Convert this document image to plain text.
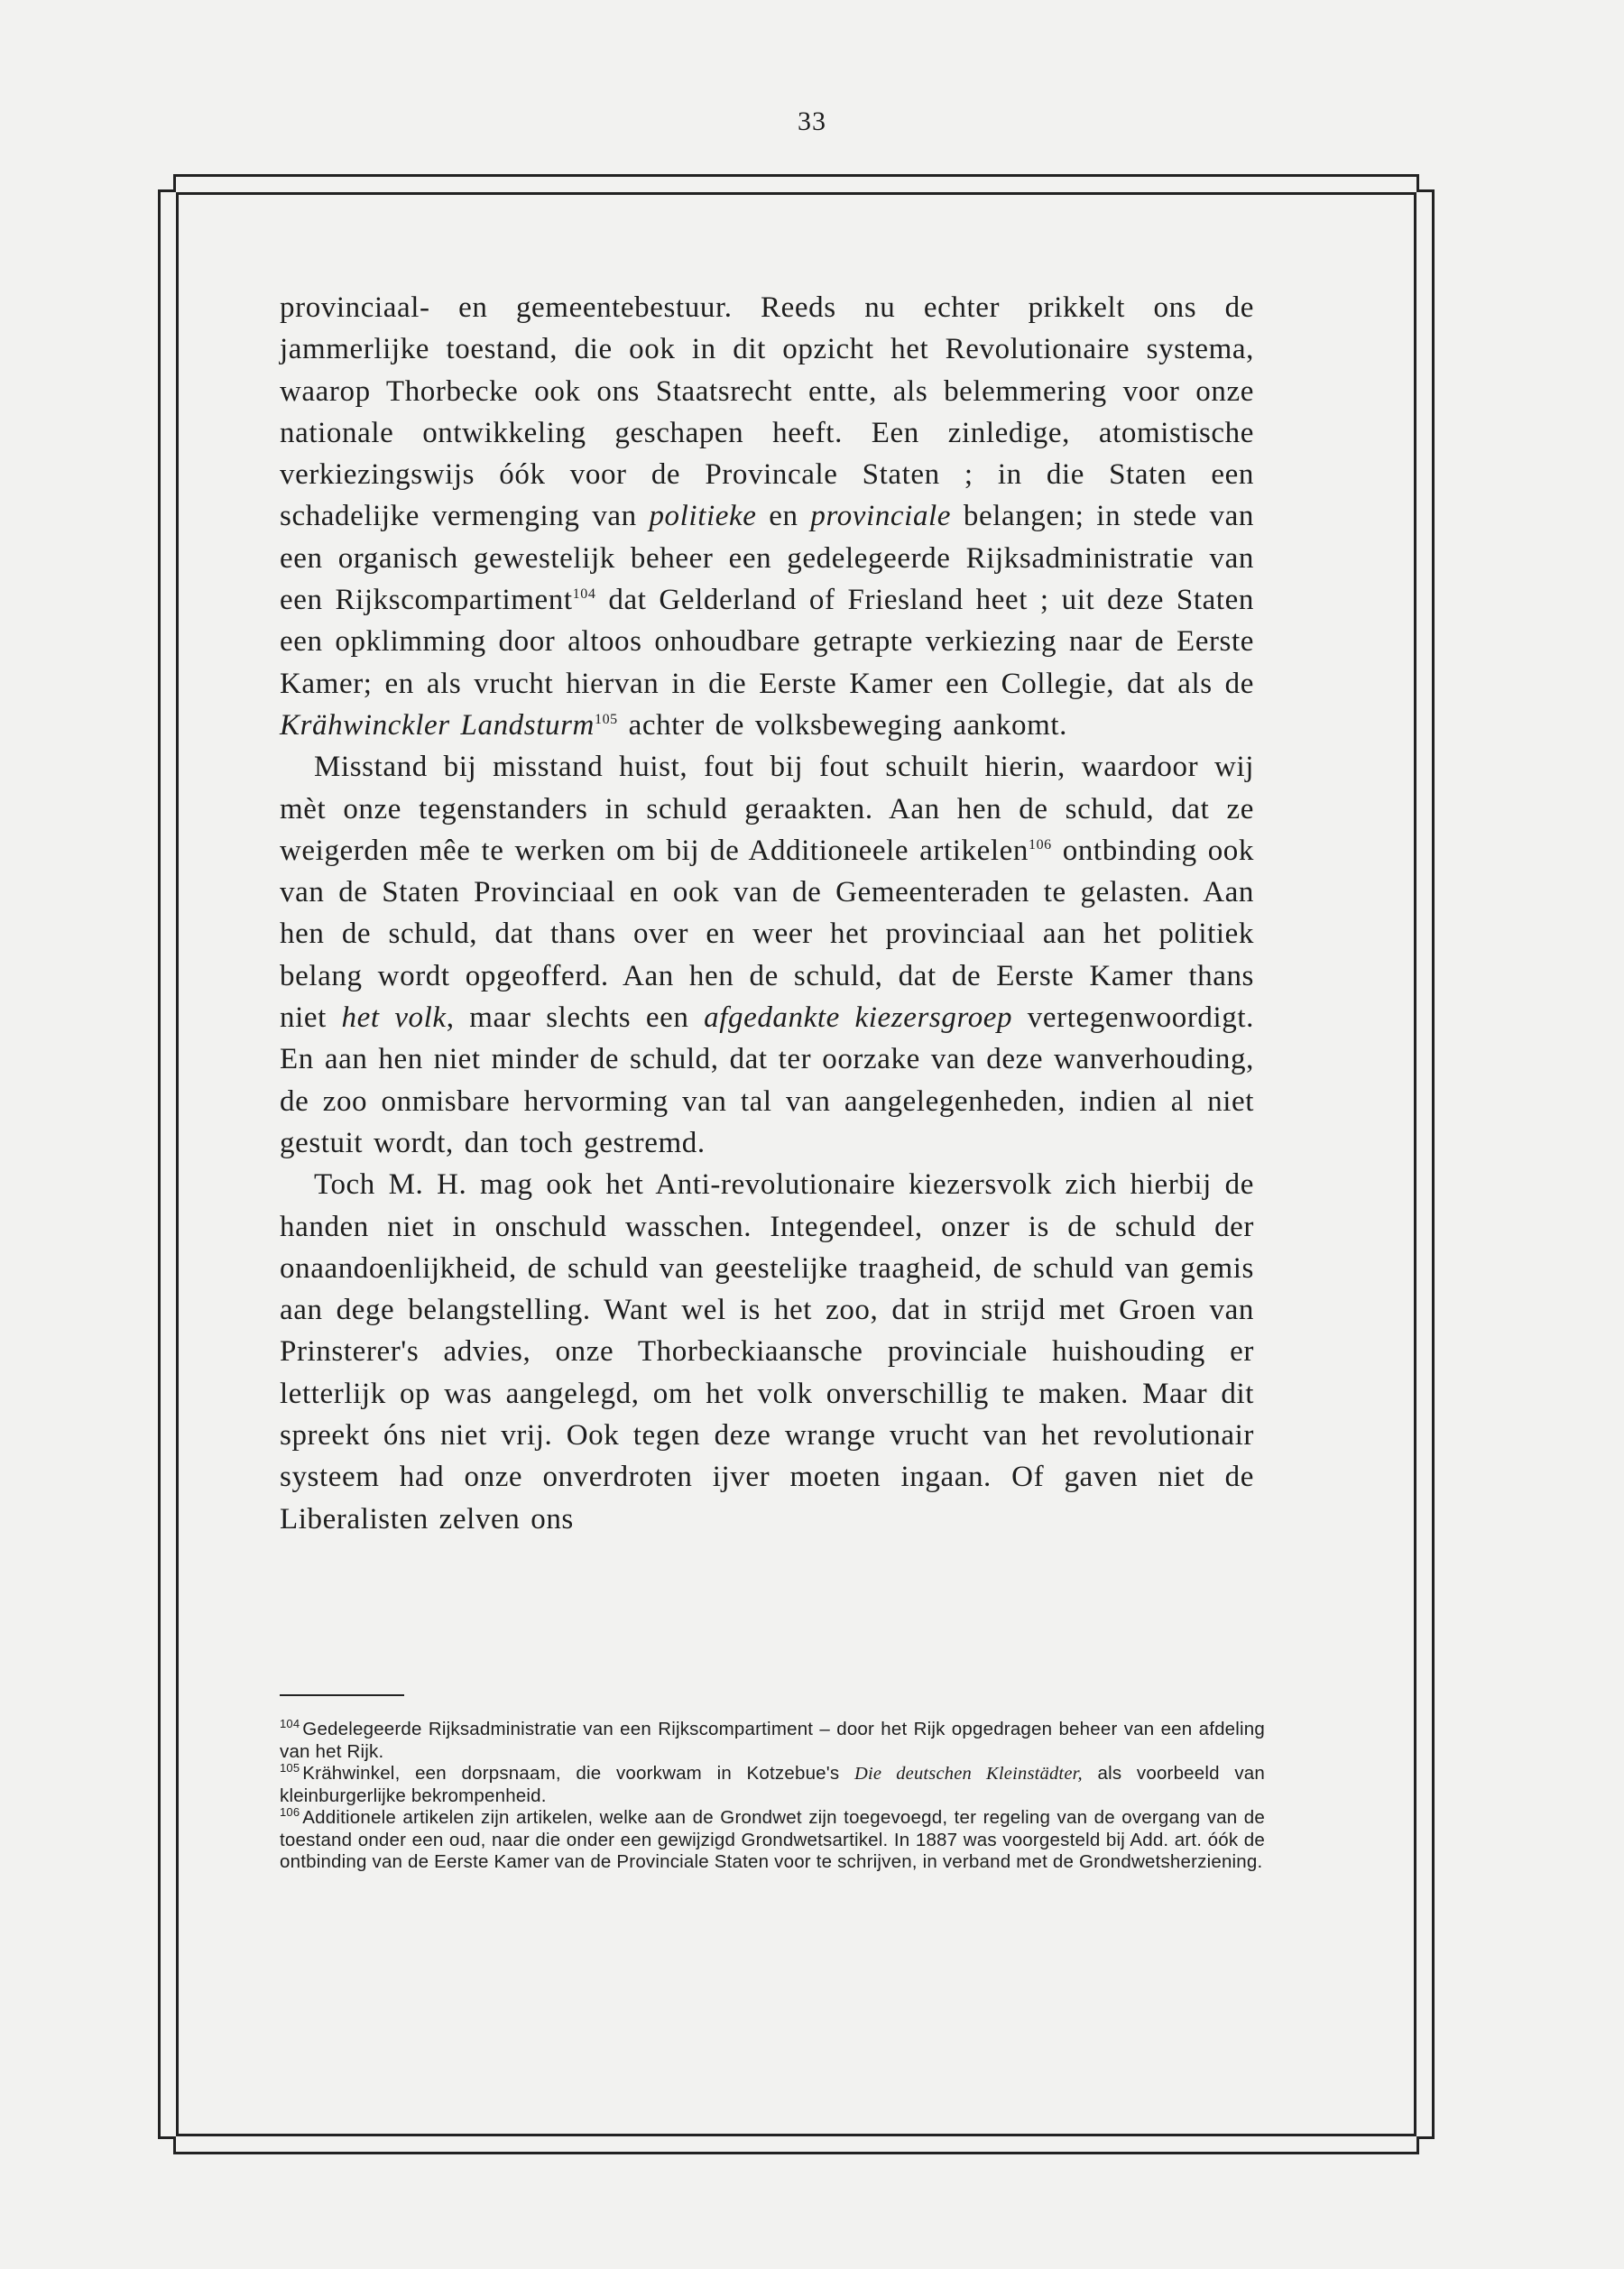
33

provinciaal- en gemeentebestuur. Reeds nu echter prikkelt ons de jammerlijke toestand, die ook in dit opzicht het Revolutionaire systema, waarop Thorbecke ook ons Staatsrecht entte, als belemmering voor onze nationale ontwikkeling geschapen heeft. Een zinledige, atomistische verkiezingswijs óók voor de Provincale Staten ; in die Staten een schadelijke vermenging van politieke en provinciale belangen; in stede van een organisch gewestelijk beheer een gedelegeerde Rijksadministratie van een Rijkscompartiment$^{104}$ dat Gelderland of Friesland heet ; uit deze Staten een opklimming door altoos onhoudbare getrapte verkiezing naar de Eerste Kamer; en als vrucht hiervan in die Eerste Kamer een Collegie, dat als de Krähwinckler Landsturm$^{105}$ achter de volksbeweging aankomt.

Misstand bij misstand huist, fout bij fout schuilt hierin, waardoor wij mèt onze tegenstanders in schuld geraakten. Aan hen de schuld, dat ze weigerden mêe te werken om bij de Additioneele artikelen$^{106}$ ontbinding ook van de Staten Provinciaal en ook van de Gemeenteraden te gelasten. Aan hen de schuld, dat thans over en weer het provinciaal aan het politiek belang wordt opgeofferd. Aan hen de schuld, dat de Eerste Kamer thans niet het volk, maar slechts een afgedankte kiezersgroep vertegenwoordigt. En aan hen niet minder de schuld, dat ter oorzake van deze wanverhouding, de zoo onmisbare hervorming van tal van aangelegenheden, indien al niet gestuit wordt, dan toch gestremd.

Toch M. H. mag ook het Anti-revolutionaire kiezersvolk zich hierbij de handen niet in onschuld wasschen. Integendeel, onzer is de schuld der onaandoenlijkheid, de schuld van geestelijke traagheid, de schuld van gemis aan dege belangstelling. Want wel is het zoo, dat in strijd met Groen van Prinsterer's advies, onze Thorbeckiaansche provinciale huishouding er letterlijk op was aangelegd, om het volk onverschillig te maken. Maar dit spreekt óns niet vrij. Ook tegen deze wrange vrucht van het revolutionair systeem had onze onverdroten ijver moeten ingaan. Of gaven niet de Liberalisten zelven ons

$^{104}$ Gedelegeerde Rijksadministratie van een Rijkscompartiment – door het Rijk opgedragen beheer van een afdeling van het Rijk.

$^{105}$ Krähwinkel, een dorpsnaam, die voorkwam in Kotzebue's Die deutschen Kleinstädter, als voorbeeld van kleinburgerlijke bekrompenheid.

$^{106}$ Additionele artikelen zijn artikelen, welke aan de Grondwet zijn toegevoegd, ter regeling van de overgang van de toestand onder een oud, naar die onder een gewijzigd Grondwetsartikel. In 1887 was voorgesteld bij Add. art. óók de ontbinding van de Eerste Kamer van de Provinciale Staten voor te schrijven, in verband met de Grondwetsherziening.
